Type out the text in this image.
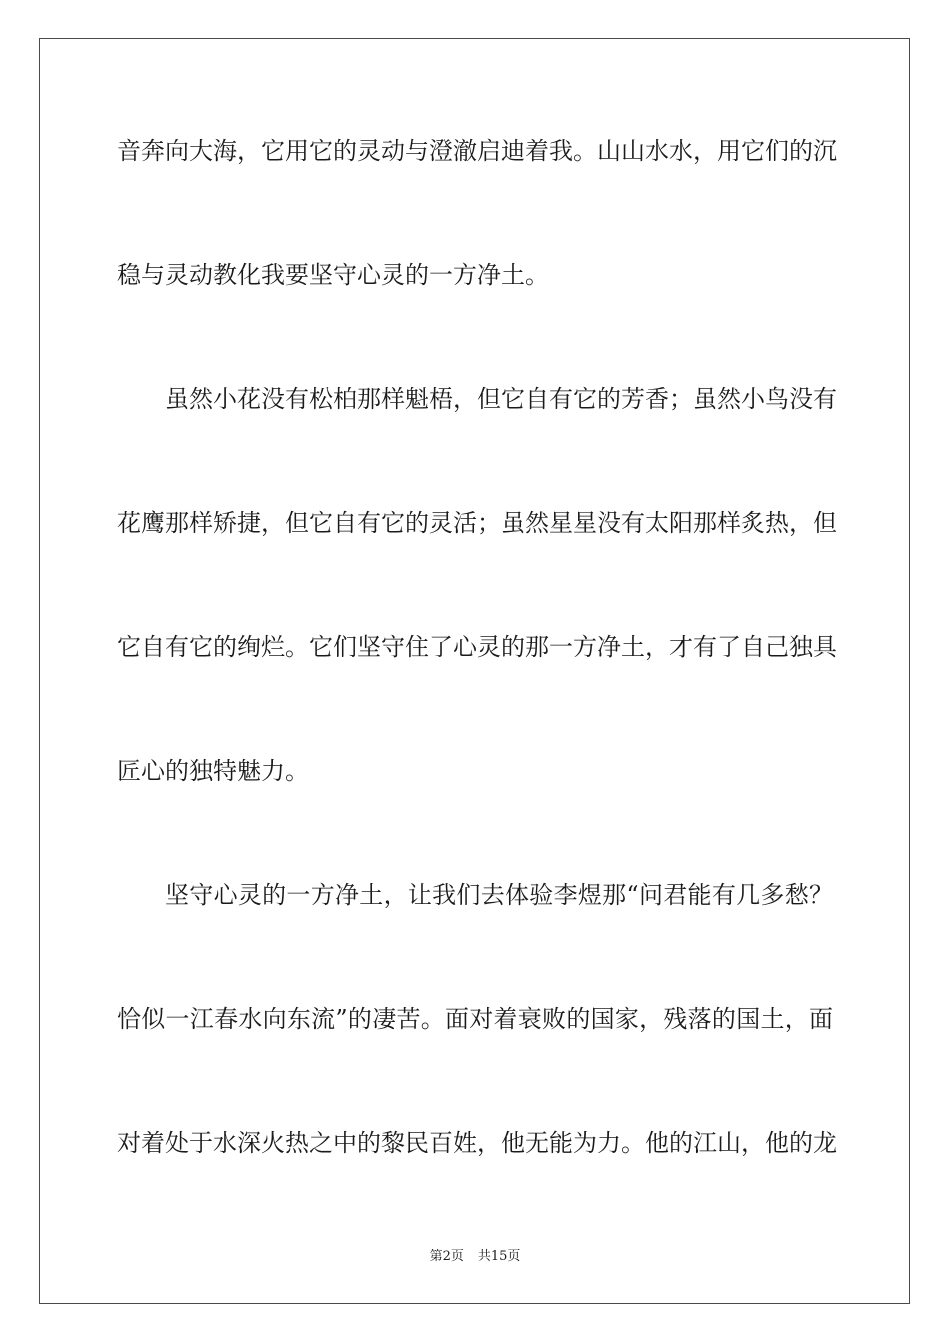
音奔向大海，它用它的灵动与澄澈启迪着我。山山水水，用它们的沉
稳与灵动教化我要坚守心灵的一方净土。
虽然小花没有松柏那样魁梧，但它自有它的芳香；虽然小鸟没有
花鹰那样矫捷，但它自有它的灵活；虽然星星没有太阳那样炙热，但
它自有它的绚烂。它们坚守住了心灵的那一方净土，才有了自己独具
匠心的独特魅力。
坚守心灵的一方净土，让我们去体验李煜那“问君能有几多愁？
恰似一江春水向东流”的凄苦。面对着衰败的国家，残落的国土，面
对着处于水深火热之中的黎民百姓，他无能为力。他的江山，他的龙
第2页 共15页
